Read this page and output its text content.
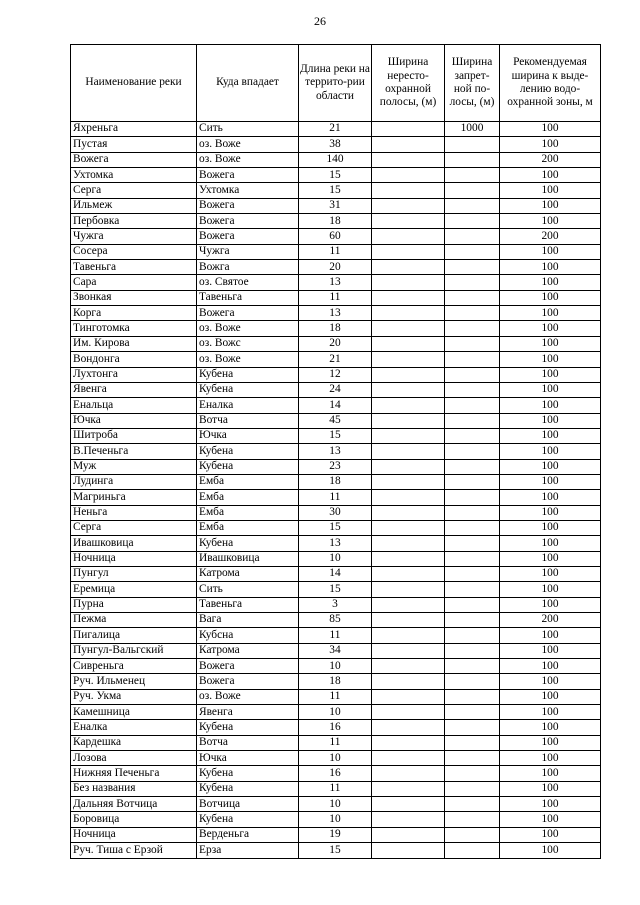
26
Наименование реки	Куда впадает	Длина реки на террито-рии области	Ширина нересто-охранной полосы, (м)	Ширина запрет-ной по-лосы, (м)	Рекомендуемая ширина к выде-лению водо-охранной зоны, м
Яхреньга	Сить	21		1000	100
Пустая	оз. Воже	38			100
Вожега	оз. Воже	140			200
Ухтомка	Вожега	15			100
Серга	Ухтомка	15			100
Ильмеж	Вожега	31			100
Пербовка	Вожега	18			100
Чужга	Вожега	60			200
Сосера	Чужга	11			100
Тавеньга	Вожга	20			100
Сара	оз. Святое	13			100
Звонкая	Тавеньга	11			100
Корга	Вожега	13			100
Тинготомка	оз. Воже	18			100
Им. Кирова	оз. Вожс	20			100
Вондонга	оз. Воже	21			100
Лухтонга	Кубена	12			100
Явенга	Кубена	24			100
Енальца	Еналка	14			100
Ючка	Вотча	45			100
Шитроба	Ючка	15			100
В.Печеньга	Кубена	13			100
Муж	Кубена	23			100
Лудинга	Емба	18			100
Магриньга	Емба	11			100
Неньга	Емба	30			100
Серга	Емба	15			100
Ивашковица	Кубена	13			100
Ночница	Ивашковица	10			100
Пунгул	Катрома	14			100
Еремица	Сить	15			100
Пурна	Тавеньга	3			100
Пежма	Вага	85			200
Пигалица	Кубсна	11			100
Пунгул-Вальгский	Катрома	34			100
Сивреньга	Вожега	10			100
Руч. Ильменец	Вожега	18			100
Руч. Укма	оз. Воже	11			100
Камешница	Явенга	10			100
Еналка	Кубена	16			100
Кардешка	Вотча	11			100
Лозова	Ючка	10			100
Нижняя Печеньга	Кубена	16			100
Без названия	Кубена	11			100
Дальняя Вотчица	Вотчица	10			100
Боровица	Кубена	10			100
Ночница	Верденьга	19			100
Руч. Тиша с Ерзой	Ерза	15			100
